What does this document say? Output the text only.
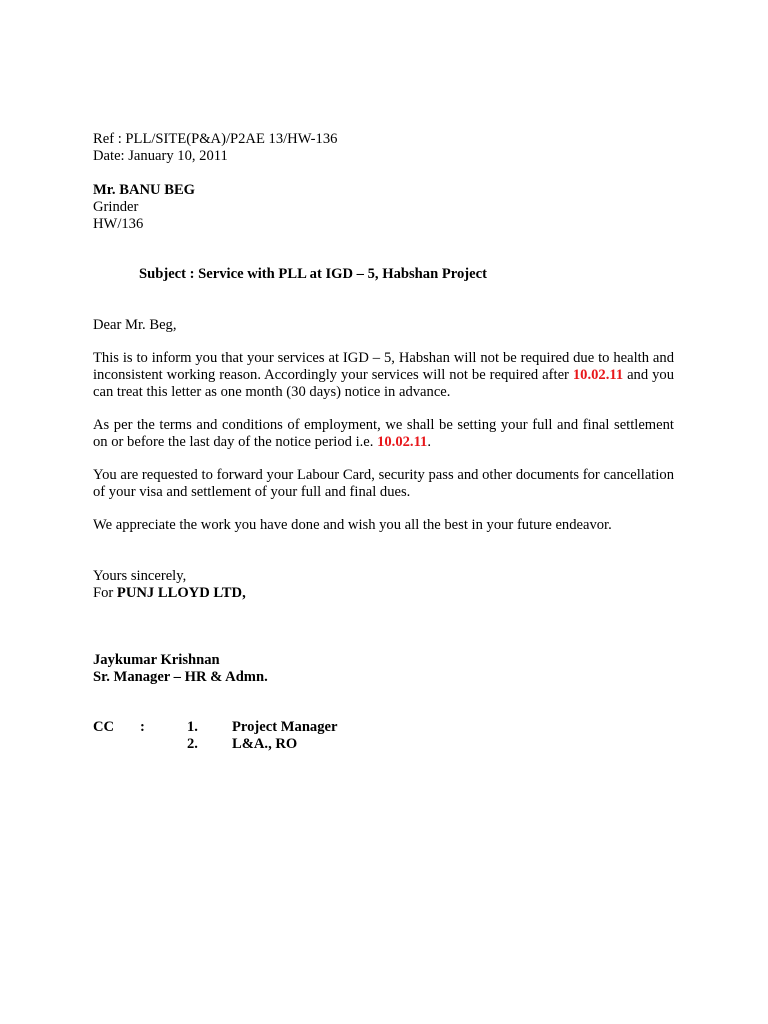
Ref : PLL/SITE(P&A)/P2AE 13/HW-136
Date: January 10, 2011
Mr. BANU BEG
Grinder
HW/136
Subject : Service with PLL at IGD – 5, Habshan Project
Dear Mr. Beg,
This is to inform you that your services at IGD – 5, Habshan will not be required due to health and inconsistent working reason. Accordingly your services will not be required after 10.02.11 and you can treat this letter as one month (30 days) notice in advance.
As per the terms and conditions of employment, we shall be setting your full and final settlement on or before the last day of the notice period i.e. 10.02.11.
You are requested to forward your Labour Card, security pass and other documents for cancellation of your visa and settlement of your full and final dues.
We appreciate the work you have done and wish you all the best in your future endeavor.
Yours sincerely,
For PUNJ LLOYD LTD,
Jaykumar Krishnan
Sr. Manager – HR & Admn.
CC :	1. Project Manager
2. L&A., RO
